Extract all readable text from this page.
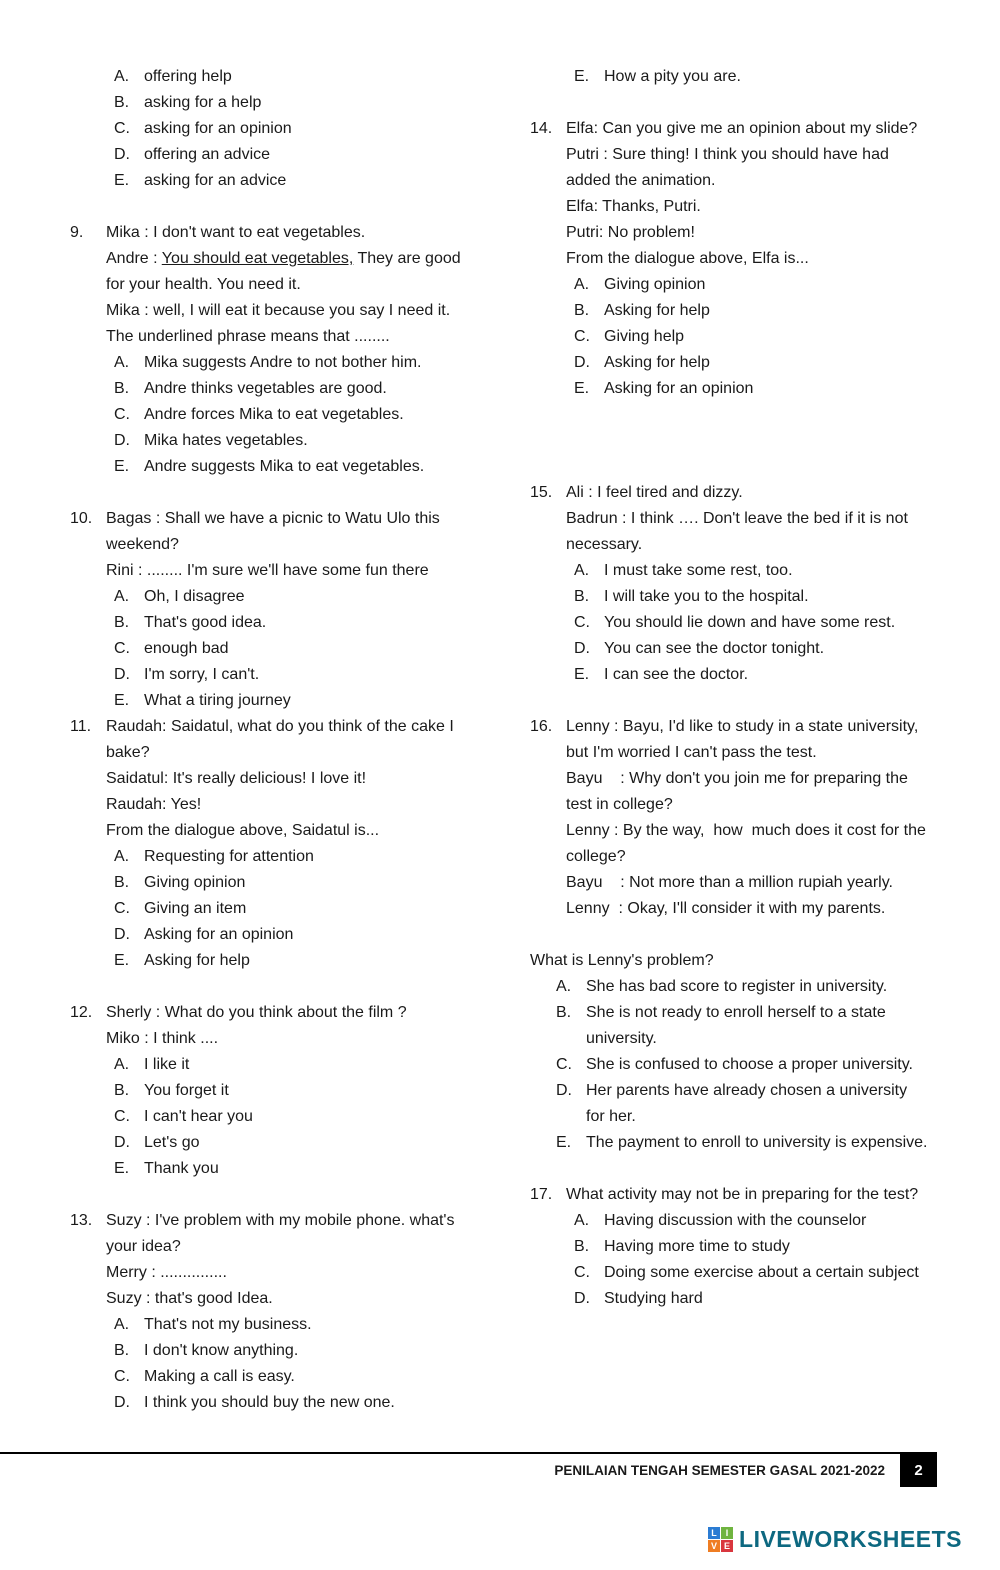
A. offering help
B. asking for a help
C. asking for an opinion
D. offering an advice
E. asking for an advice
9.	Mika : I don't want to eat vegetables.
Andre : You should eat vegetables, They are good for your health. You need it.
Mika : well, I will eat it because you say I need it.
The underlined phrase means that ........
A. Mika suggests Andre to not bother him.
B. Andre thinks vegetables are good.
C. Andre forces Mika to eat vegetables.
D. Mika hates vegetables.
E. Andre suggests Mika to eat vegetables.
10. Bagas : Shall we have a picnic to Watu Ulo this weekend?
Rini : ........ I'm sure we'll have some fun there
A. Oh, I disagree
B. That's good idea.
C. enough bad
D. I'm sorry, I can't.
E. What a tiring journey
11. Raudah: Saidatul, what do you think of the cake I bake?
Saidatul: It's really delicious! I love it!
Raudah: Yes!
From the dialogue above, Saidatul is...
A. Requesting for attention
B. Giving opinion
C. Giving an item
D. Asking for an opinion
E. Asking for help
12. Sherly : What do you think about the film ?
Miko : I think ....
A. I like it
B. You forget it
C. I can't hear you
D. Let's go
E. Thank you
13. Suzy : I've problem with my mobile phone. what's your idea?
Merry : ...............
Suzy : that's good Idea.
A. That's not my business.
B. I don't know anything.
C. Making a call is easy.
D. I think you should buy the new one.
E. How a pity you are.
14. Elfa: Can you give me an opinion about my slide?
Putri : Sure thing! I think you should have had added the animation.
Elfa: Thanks, Putri.
Putri: No problem!
From the dialogue above, Elfa is...
A. Giving opinion
B. Asking for help
C. Giving help
D. Asking for help
E. Asking for an opinion
15. Ali : I feel tired and dizzy.
Badrun : I think …. Don't leave the bed if it is not necessary.
A. I must take some rest, too.
B. I will take you to the hospital.
C. You should lie down and have some rest.
D. You can see the doctor tonight.
E. I can see the doctor.
16. Lenny : Bayu, I'd like to study in a state university, but I'm worried I can't pass the test.
Bayu    : Why don't you join me for preparing the test in college?
Lenny : By the way,  how  much does it cost for the college?
Bayu    : Not more than a million rupiah yearly.
Lenny  : Okay, I'll consider it with my parents.
What is Lenny's problem?
A. She has bad score to register in university.
B. She is not ready to enroll herself to a state university.
C. She is confused to choose a proper university.
D. Her parents have already chosen a university for her.
E. The payment to enroll to university is expensive.
17. What activity may not be in preparing for the test?
A. Having discussion with the counselor
B. Having more time to study
C. Doing some exercise about a certain subject
D. Studying hard
PENILAIAN TENGAH SEMESTER GASAL 2021-2022	2
L I
V E LIVEWORKSHEETS
